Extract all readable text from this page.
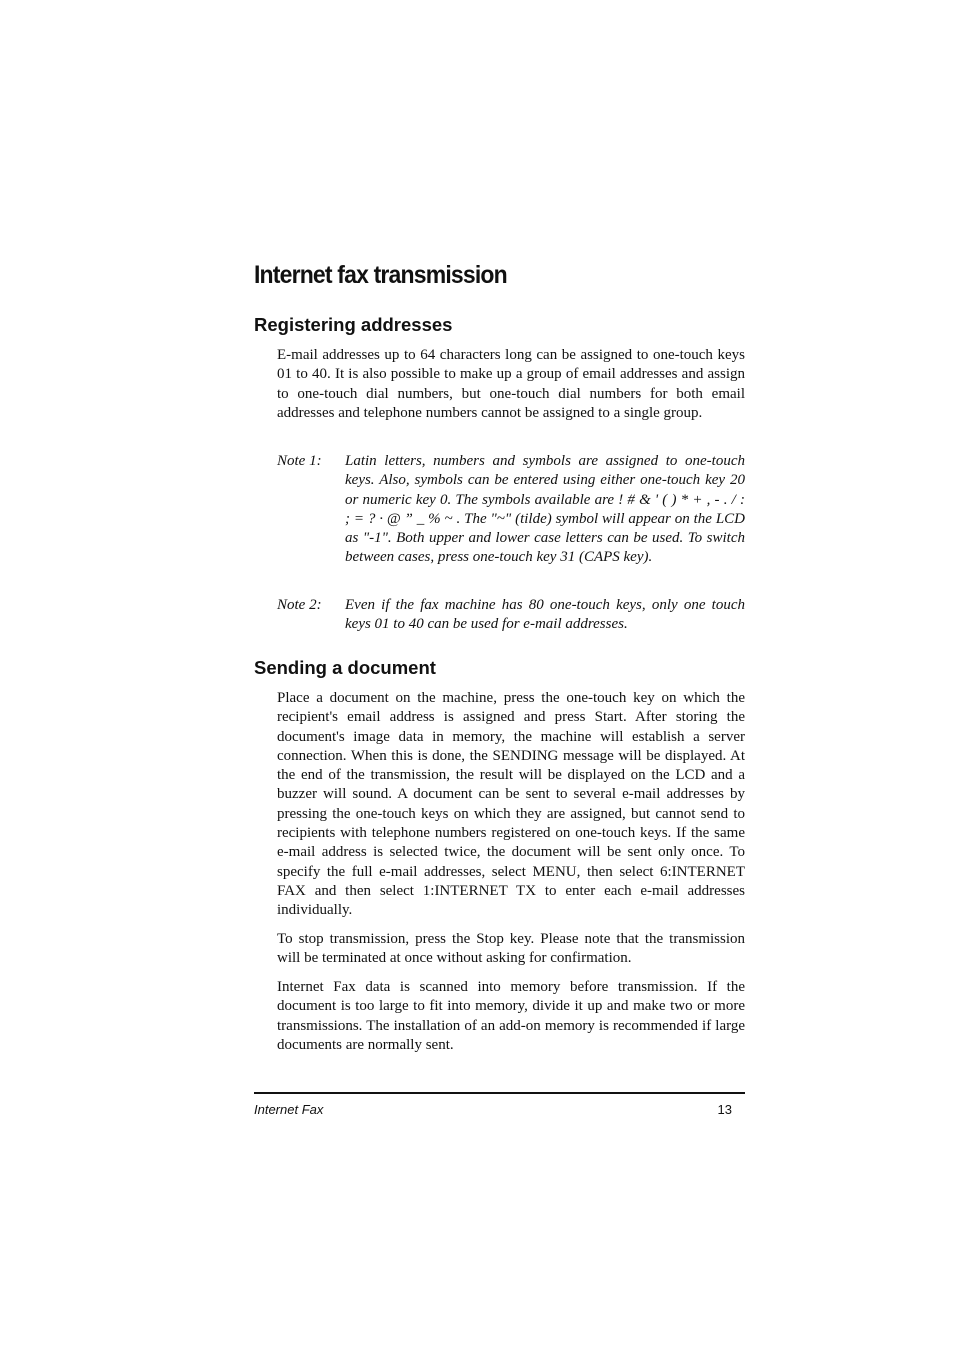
Internet fax transmission
Registering addresses

E-mail addresses up to 64 characters long can be assigned to one-touch keys 01 to 40. It is also possible to make up a group of email addresses and assign to one-touch dial numbers, but one-touch dial numbers for both email addresses and telephone numbers cannot be assigned to a single group.

Note 1:	Latin letters, numbers and symbols are assigned to one-touch keys. Also, symbols can be entered using either one-touch key 20 or numeric key 0. The symbols available are ! # & ' ( ) * + , - . / : ; = ? · @ ” _ % ~ . The "~" (tilde) symbol will appear on the LCD as "-1". Both upper and lower case letters can be used. To switch between cases, press one-touch key 31 (CAPS key).

Note 2:	Even if the fax machine has 80 one-touch keys, only one touch keys 01 to 40 can be used for e-mail addresses.

Sending a document

Place a document on the machine, press the one-touch key on which the recipient's email address is assigned and press Start. After storing the document's image data in memory, the machine will establish a server connection. When this is done, the SENDING message will be displayed. At the end of the transmission, the result will be displayed on the LCD and a buzzer will sound. A document can be sent to several e-mail addresses by pressing the one-touch keys on which they are assigned, but cannot send to recipients with telephone numbers registered on one-touch keys. If the same e-mail address is selected twice, the document will be sent only once. To specify the full e-mail addresses, select MENU, then select 6:INTERNET FAX and then select 1:INTERNET TX to enter each e-mail addresses individually.

To stop transmission, press the Stop key. Please note that the transmission will be terminated at once without asking for confirmation.

Internet Fax data is scanned into memory before transmission. If the document is too large to fit into memory, divide it up and make two or more transmissions. The installation of an add-on memory is recommended if large documents are normally sent.

Internet Fax	13
